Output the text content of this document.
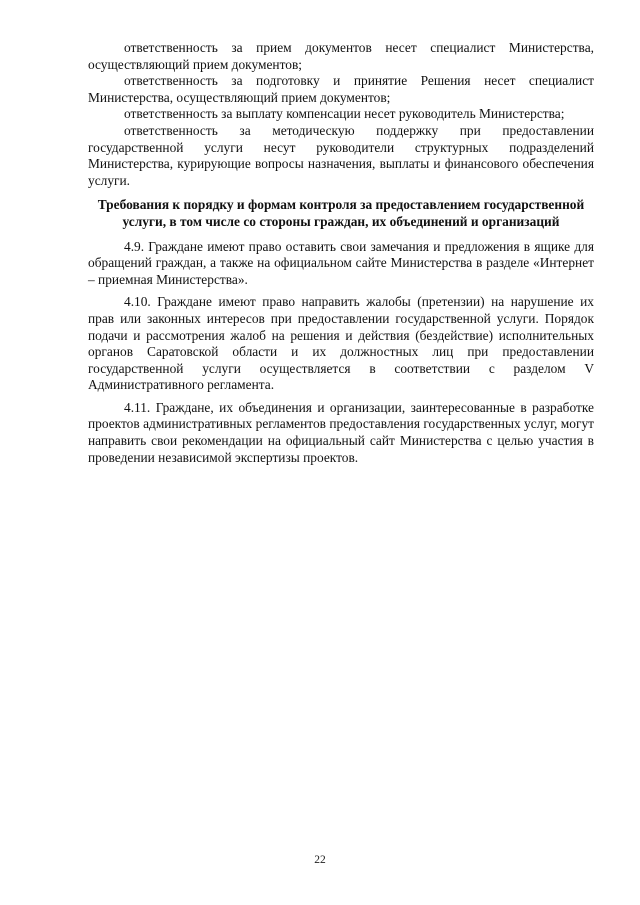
ответственность за прием документов несет специалист Министерства, осуществляющий прием документов;

ответственность за подготовку и принятие Решения несет специалист Министерства, осуществляющий прием документов;

ответственность за выплату компенсации несет руководитель Министерства;

ответственность за методическую поддержку при предоставлении государственной услуги несут руководители структурных подразделений Министерства, курирующие вопросы назначения, выплаты и финансового обеспечения услуги.

Требования к порядку и формам контроля за предоставлением государственной услуги, в том числе со стороны граждан, их объединений и организаций

4.9. Граждане имеют право оставить свои замечания и предложения в ящике для обращений граждан, а также на официальном сайте Министерства в разделе «Интернет – приемная Министерства».

4.10. Граждане имеют право направить жалобы (претензии) на нарушение их прав или законных интересов при предоставлении государственной услуги. Порядок подачи и рассмотрения жалоб на решения и действия (бездействие) исполнительных органов Саратовской области и их должностных лиц при предоставлении государственной услуги осуществляется в соответствии с разделом V Административного регламента.

4.11. Граждане, их объединения и организации, заинтересованные в разработке проектов административных регламентов предоставления государственных услуг, могут направить свои рекомендации на официальный сайт Министерства с целью участия в проведении независимой экспертизы проектов.

22
